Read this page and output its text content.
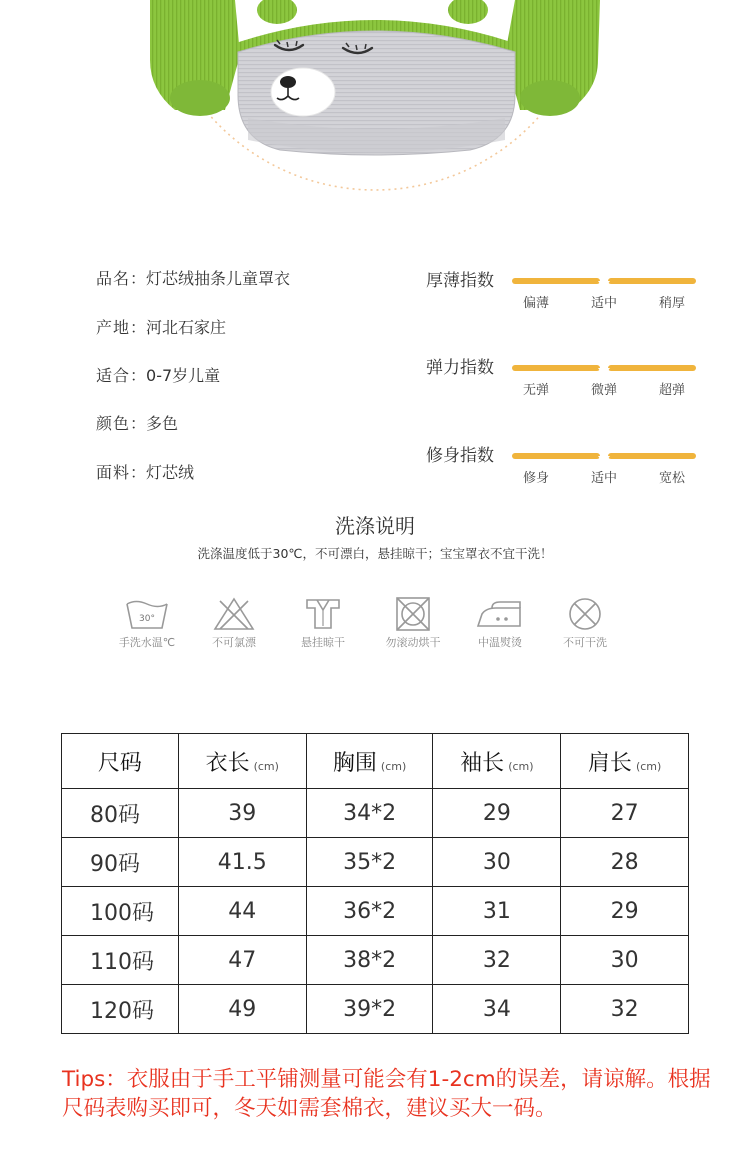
品名：灯芯绒抽条儿童罩衣
产地：河北石家庄
适合：0-7岁儿童
颜色：多色
面料：灯芯绒
厚薄指数
偏薄	适中	稍厚
弹力指数
无弹	微弹	超弹
修身指数
修身	适中	宽松
洗涤说明
洗涤温度低于30℃，不可漂白，悬挂晾干；宝宝罩衣不宜干洗！
30°
手洗水温℃	不可氯漂	悬挂晾干	勿滚动烘干	中温熨烫	不可干洗
尺码	衣长 (cm)	胸围 (cm)	袖长 (cm)	肩长 (cm)
80码	39	34*2	29	27
90码	41.5	35*2	30	28
100码	44	36*2	31	29
110码	47	38*2	32	30
120码	49	39*2	34	32
Tips：衣服由于手工平铺测量可能会有1-2cm的误差，请谅解。根据尺码表购买即可，冬天如需套棉衣，建议买大一码。
